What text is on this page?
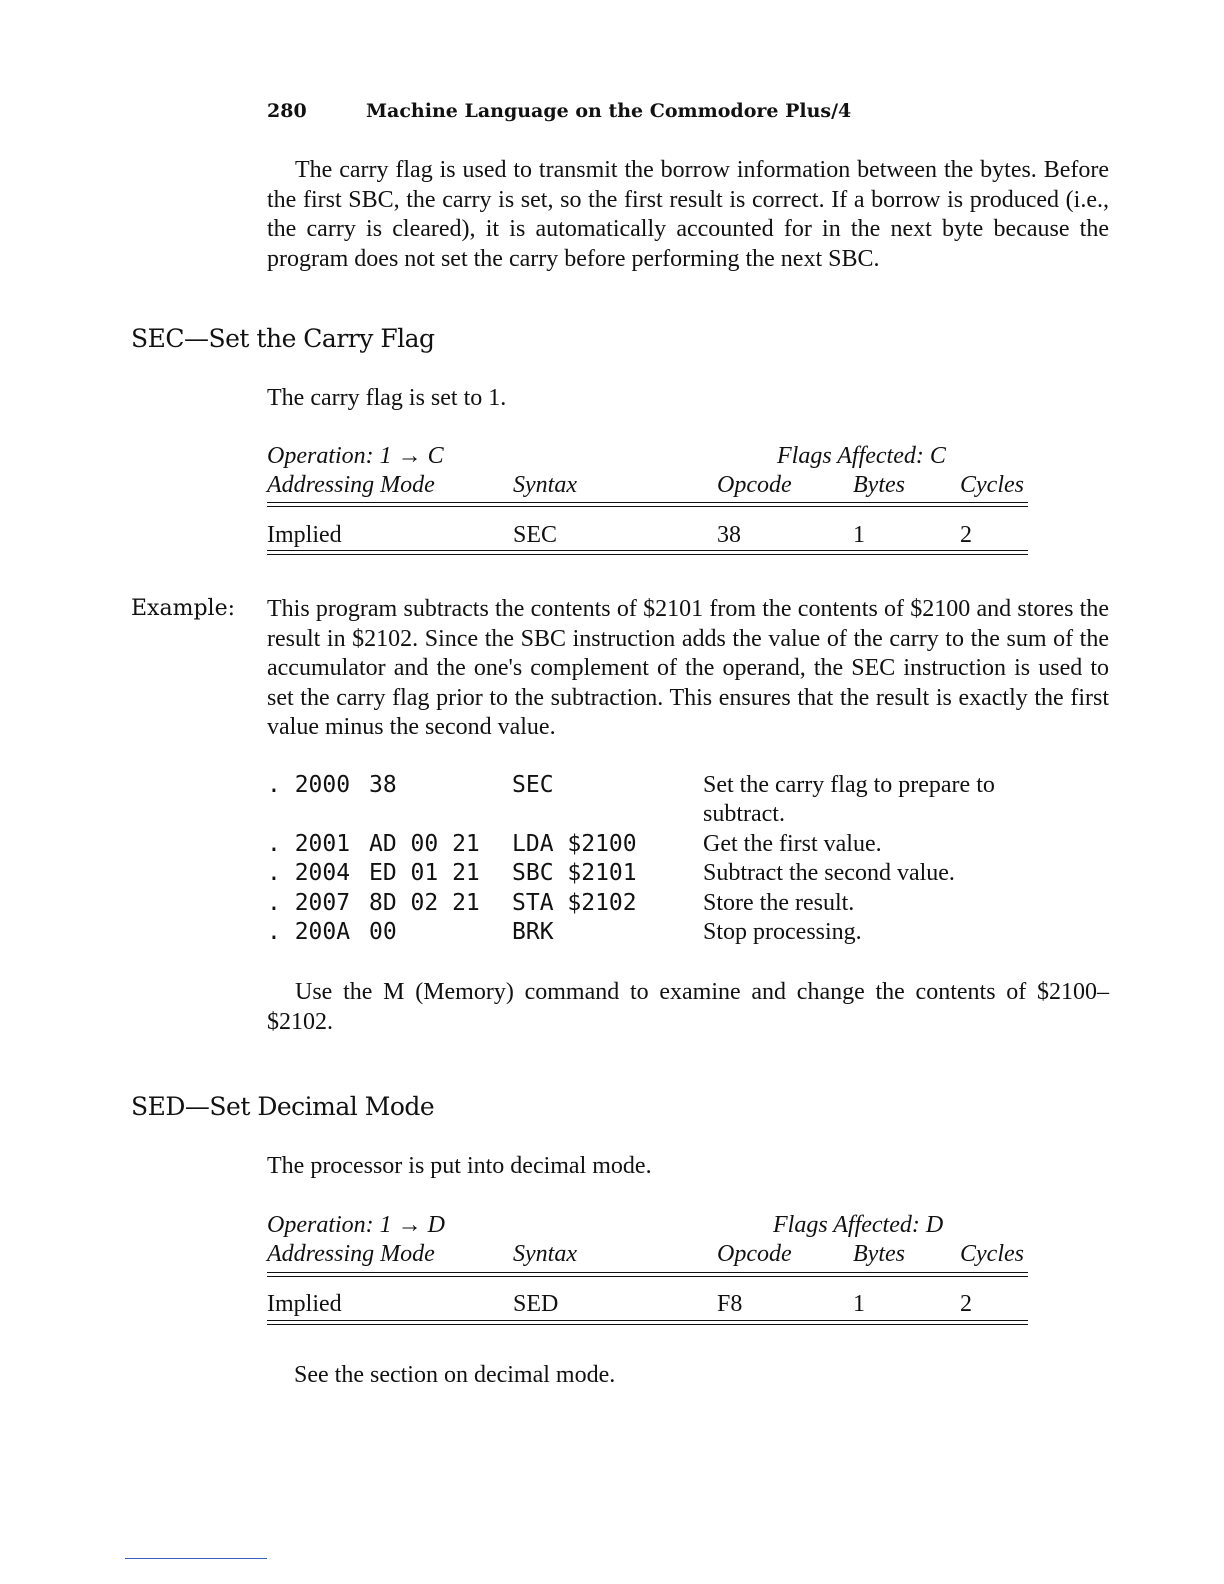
280	Machine Language on the Commodore Plus/4
The carry flag is used to transmit the borrow information between the bytes. Before the first SBC, the carry is set, so the first result is correct. If a borrow is produced (i.e., the carry is cleared), it is automatically accounted for in the next byte because the program does not set the carry before performing the next SBC.
SEC—Set the Carry Flag
The carry flag is set to 1.
Operation: 1 → C	Flags Affected: C
Addressing Mode	Syntax	Opcode	Bytes Cycles
Implied	SEC	38	1	2
Example: This program subtracts the contents of $2101 from the contents of $2100 and stores the result in $2102. Since the SBC instruction adds the value of the carry to the sum of the accumulator and the one's complement of the operand, the SEC instruction is used to set the carry flag prior to the subtraction. This ensures that the result is exactly the first value minus the second value.
. 2000 38	SEC	Set the carry flag to prepare to
subtract.
. 2001 AD 00 21 LDA $2100	Get the first value.
. 2004 ED 01 21 SBC $2101	Subtract the second value.
. 2007 8D 02 21 STA $2102	Store the result.
. 200A 00	BRK	Stop processing.
Use the M (Memory) command to examine and change the contents of $2100–$2102.
SED—Set Decimal Mode
The processor is put into decimal mode.
Operation: 1 → D	Flags Affected: D
Addressing Mode	Syntax	Opcode	Bytes Cycles
Implied	SED	F8	1	2
See the section on decimal mode.
